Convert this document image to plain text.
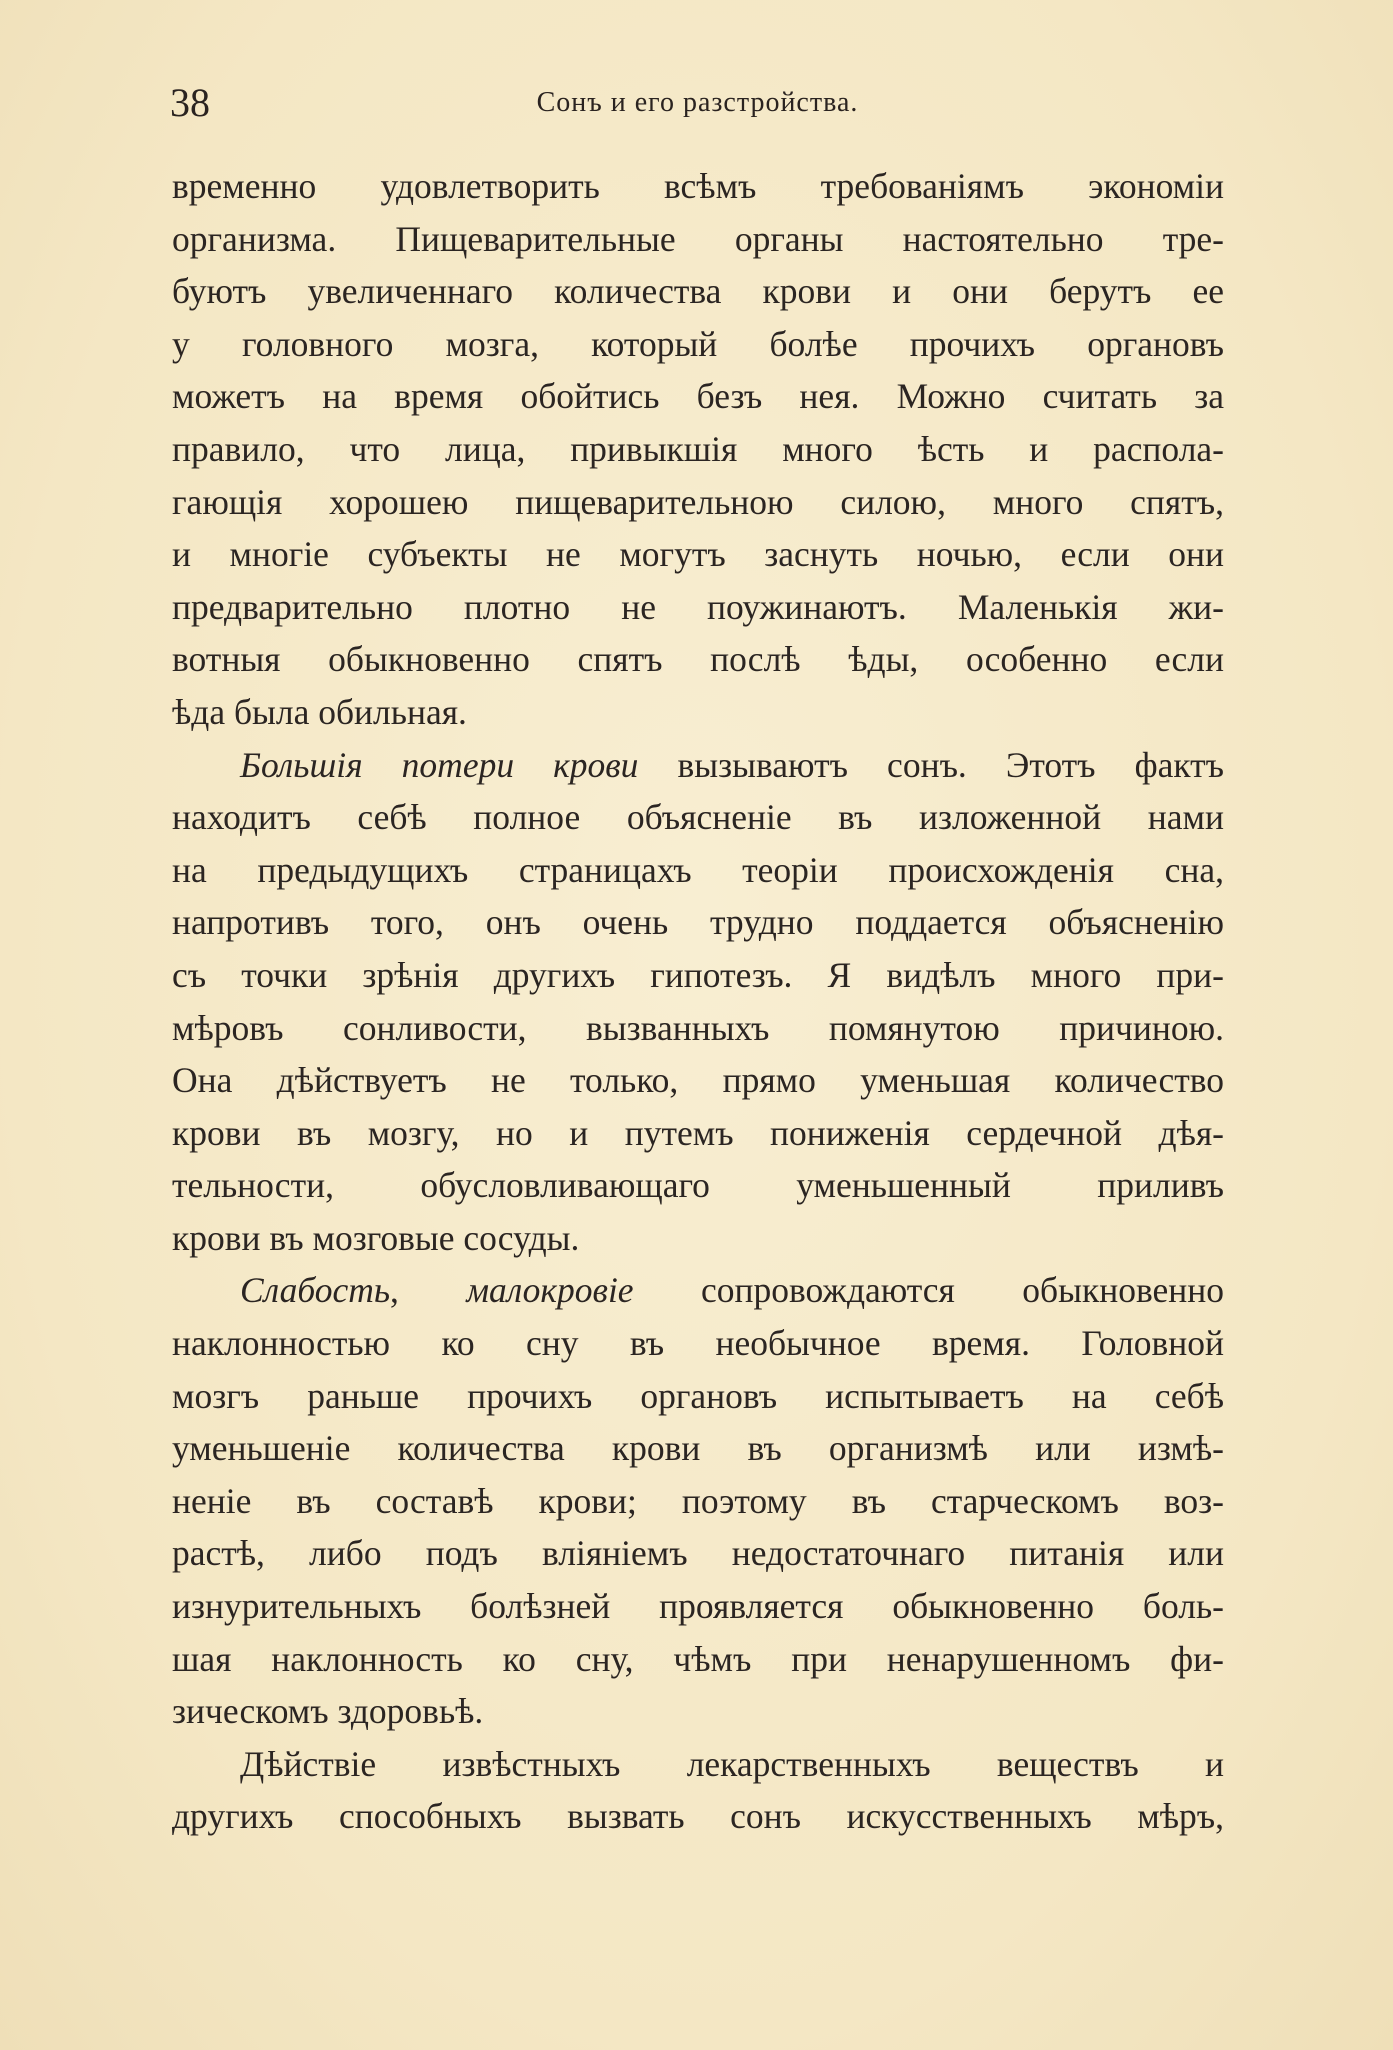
38	Сонъ и его разстройства.
временно удовлетворить всѣмъ требованіямъ экономіи
организма. Пищеварительные органы настоятельно тре-
буютъ увеличеннаго количества крови и они берутъ ее
у головного мозга, который болѣе прочихъ органовъ
можетъ на время обойтись безъ нея. Можно считать за
правило, что лица, привыкшія много ѣсть и распола-
гающія хорошею пищеварительною силою, много спятъ,
и многіе субъекты не могутъ заснуть ночью, если они
предварительно плотно не поужинаютъ. Маленькія жи-
вотныя обыкновенно спятъ послѣ ѣды, особенно если
ѣда была обильная.
Большія потери крови вызываютъ сонъ. Этотъ фактъ
находитъ себѣ полное объясненіе въ изложенной нами
на предыдущихъ страницахъ теоріи происхожденія сна,
напротивъ того, онъ очень трудно поддается объясненію
съ точки зрѣнія другихъ гипотезъ. Я видѣлъ много при-
мѣровъ сонливости, вызванныхъ помянутою причиною.
Она дѣйствуетъ не только, прямо уменьшая количество
крови въ мозгу, но и путемъ пониженія сердечной дѣя-
тельности, обусловливающаго уменьшенный приливъ
крови въ мозговые сосуды.
Слабость, малокровіе сопровождаются обыкновенно
наклонностью ко сну въ необычное время. Головной
мозгъ раньше прочихъ органовъ испытываетъ на себѣ
уменьшеніе количества крови въ организмѣ или измѣ-
неніе въ составѣ крови; поэтому въ старческомъ воз-
растѣ, либо подъ вліяніемъ недостаточнаго питанія или
изнурительныхъ болѣзней проявляется обыкновенно боль-
шая наклонность ко сну, чѣмъ при ненарушенномъ фи-
зическомъ здоровьѣ.
Дѣйствіе извѣстныхъ лекарственныхъ веществъ и
другихъ способныхъ вызвать сонъ искусственныхъ мѣръ,
